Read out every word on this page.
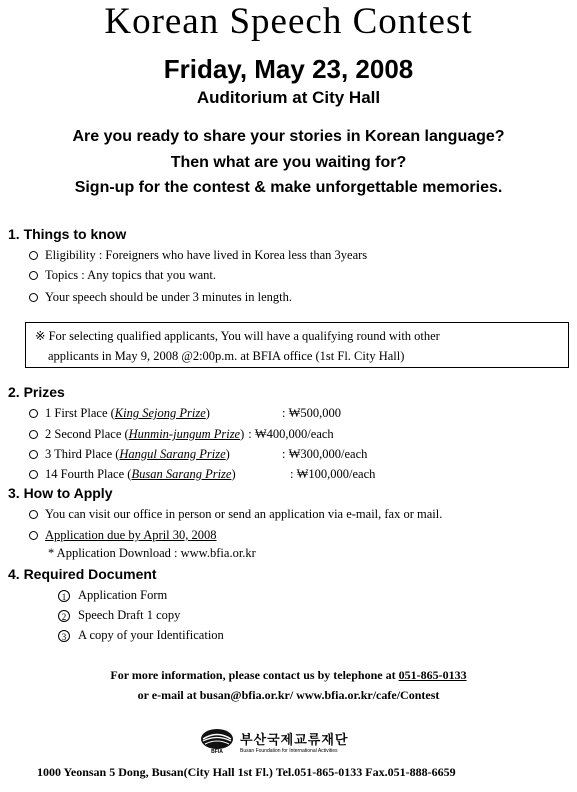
Korean Speech Contest
Friday, May 23, 2008
Auditorium at City Hall
Are you ready to share your stories in Korean language?
Then what are you waiting for?
Sign-up for the contest & make unforgettable memories.
1. Things to know
Eligibility : Foreigners who have lived in Korea less than 3years
Topics : Any topics that you want.
Your speech should be under 3 minutes in length.
※ For selecting qualified applicants, You will have a qualifying round with other
applicants in May 9, 2008 @2:00p.m. at BFIA office (1st Fl. City Hall)
2. Prizes
1 First Place ( King Sejong Prize )	: ₩500,000
2 Second Place ( Hunmin-jungum Prize ) : ₩400,000/each
3 Third Place ( Hangul Sarang Prize )	: ₩300,000/each
14 Fourth Place ( Busan Sarang Prize )	: ₩100,000/each
3. How to Apply
You can visit our office in person or send an application via e-mail, fax or mail.
Application due by April 30, 2008
* Application Download : www.bfia.or.kr
4. Required Document
1 Application Form
2 Speech Draft 1 copy
3 A copy of your Identification
For more information, please contact us by telephone at 051-865-0133
or e-mail at busan@bfia.or.kr/ www.bfia.or.kr/cafe/Contest
BFIA
부산국제교류재단
Busan Foundation for International Activities
1000 Yeonsan 5 Dong, Busan(City Hall 1st Fl.) Tel.051-865-0133 Fax.051-888-6659
